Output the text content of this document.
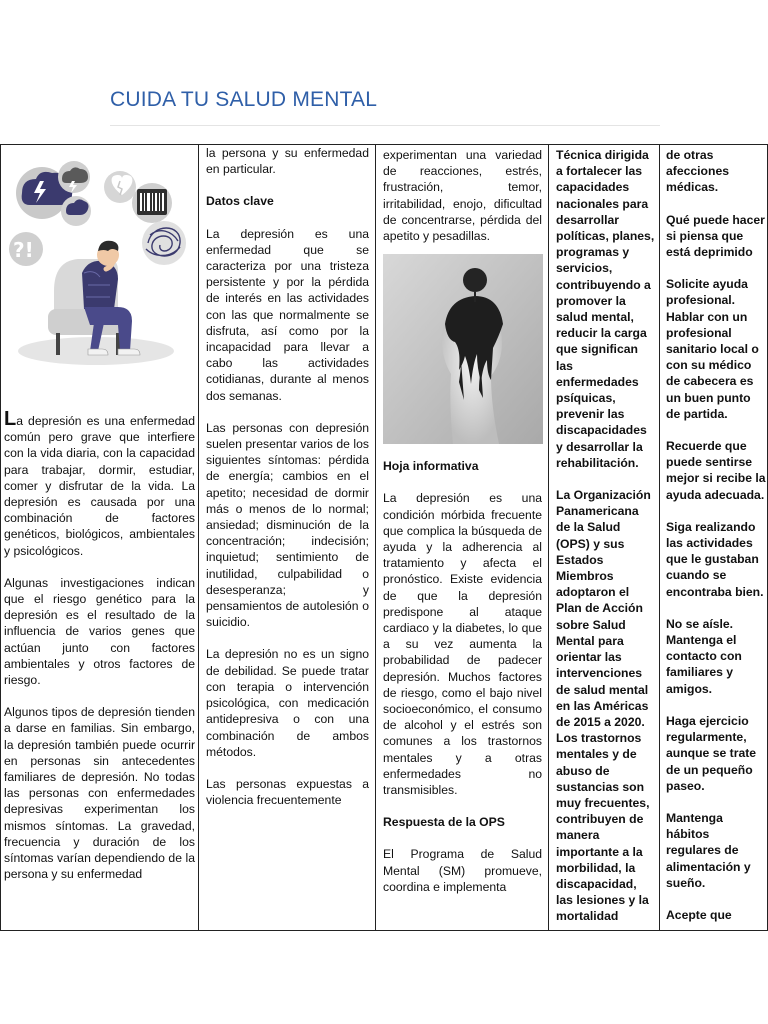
CUIDA TU SALUD MENTAL
?!

La depresión es una enfermedad común pero grave que interfiere con la vida diaria, con la capacidad para trabajar, dormir, estudiar, comer y disfrutar de la vida. La depresión es causada por una combinación de factores genéticos, biológicos, ambientales y psicológicos.

Algunas investigaciones indican que el riesgo genético para la depresión es el resultado de la influencia de varios genes que actúan junto con factores ambientales y otros factores de riesgo.

Algunos tipos de depresión tienden a darse en familias. Sin embargo, la depresión también puede ocurrir en personas sin antecedentes familiares de depresión. No todas las personas con enfermedades depresivas experimentan los mismos síntomas. La gravedad, frecuencia y duración de los síntomas varían dependiendo de la persona y su enfermedad

la persona y su enfermedad en particular.

Datos clave

La depresión es una enfermedad que se caracteriza por una tristeza persistente y por la pérdida de interés en las actividades con las que normalmente se disfruta, así como por la incapacidad para llevar a cabo las actividades cotidianas, durante al menos dos semanas.

Las personas con depresión suelen presentar varios de los siguientes síntomas: pérdida de energía; cambios en el apetito; necesidad de dormir más o menos de lo normal; ansiedad; disminución de la concentración; indecisión; inquietud; sentimiento de inutilidad, culpabilidad o desesperanza; y pensamientos de autolesión o suicidio.

La depresión no es un signo de debilidad. Se puede tratar con terapia o intervención psicológica, con medicación antidepresiva o con una combinación de ambos métodos.

Las personas expuestas a violencia frecuentemente

experimentan una variedad de reacciones, estrés, frustración, temor, irritabilidad, enojo, dificultad de concentrarse, pérdida del apetito y pesadillas.

Hoja informativa

La depresión es una condición mórbida frecuente que complica la búsqueda de ayuda y la adherencia al tratamiento y afecta el pronóstico. Existe evidencia de que la depresión predispone al ataque cardiaco y la diabetes, lo que a su vez aumenta la probabilidad de padecer depresión. Muchos factores de riesgo, como el bajo nivel socioeconómico, el consumo de alcohol y el estrés son comunes a los trastornos mentales y a otras enfermedades no transmisibles.

Respuesta de la OPS

El Programa de Salud Mental (SM) promueve, coordina e implementa

Técnica dirigida a fortalecer las capacidades nacionales para desarrollar políticas, planes, programas y servicios, contribuyendo a promover la salud mental, reducir la carga que significan las enfermedades psíquicas, prevenir las discapacidades y desarrollar la rehabilitación.

La Organización Panamericana de la Salud (OPS) y sus Estados Miembros adoptaron el Plan de Acción sobre Salud Mental para orientar las intervenciones de salud mental en las Américas de 2015 a 2020. Los trastornos mentales y de abuso de sustancias son muy frecuentes, contribuyen de manera importante a la morbilidad, la discapacidad, las lesiones y la mortalidad

de otras afecciones médicas.

Qué puede hacer si piensa que está deprimido

Solicite ayuda profesional. Hablar con un profesional sanitario local o con su médico de cabecera es un buen punto de partida.

Recuerde que puede sentirse mejor si recibe la ayuda adecuada.

Siga realizando las actividades que le gustaban cuando se encontraba bien.

No se aísle. Mantenga el contacto con familiares y amigos.

Haga ejercicio regularmente, aunque se trate de un pequeño paseo.

Mantenga hábitos regulares de alimentación y sueño.

Acepte que
